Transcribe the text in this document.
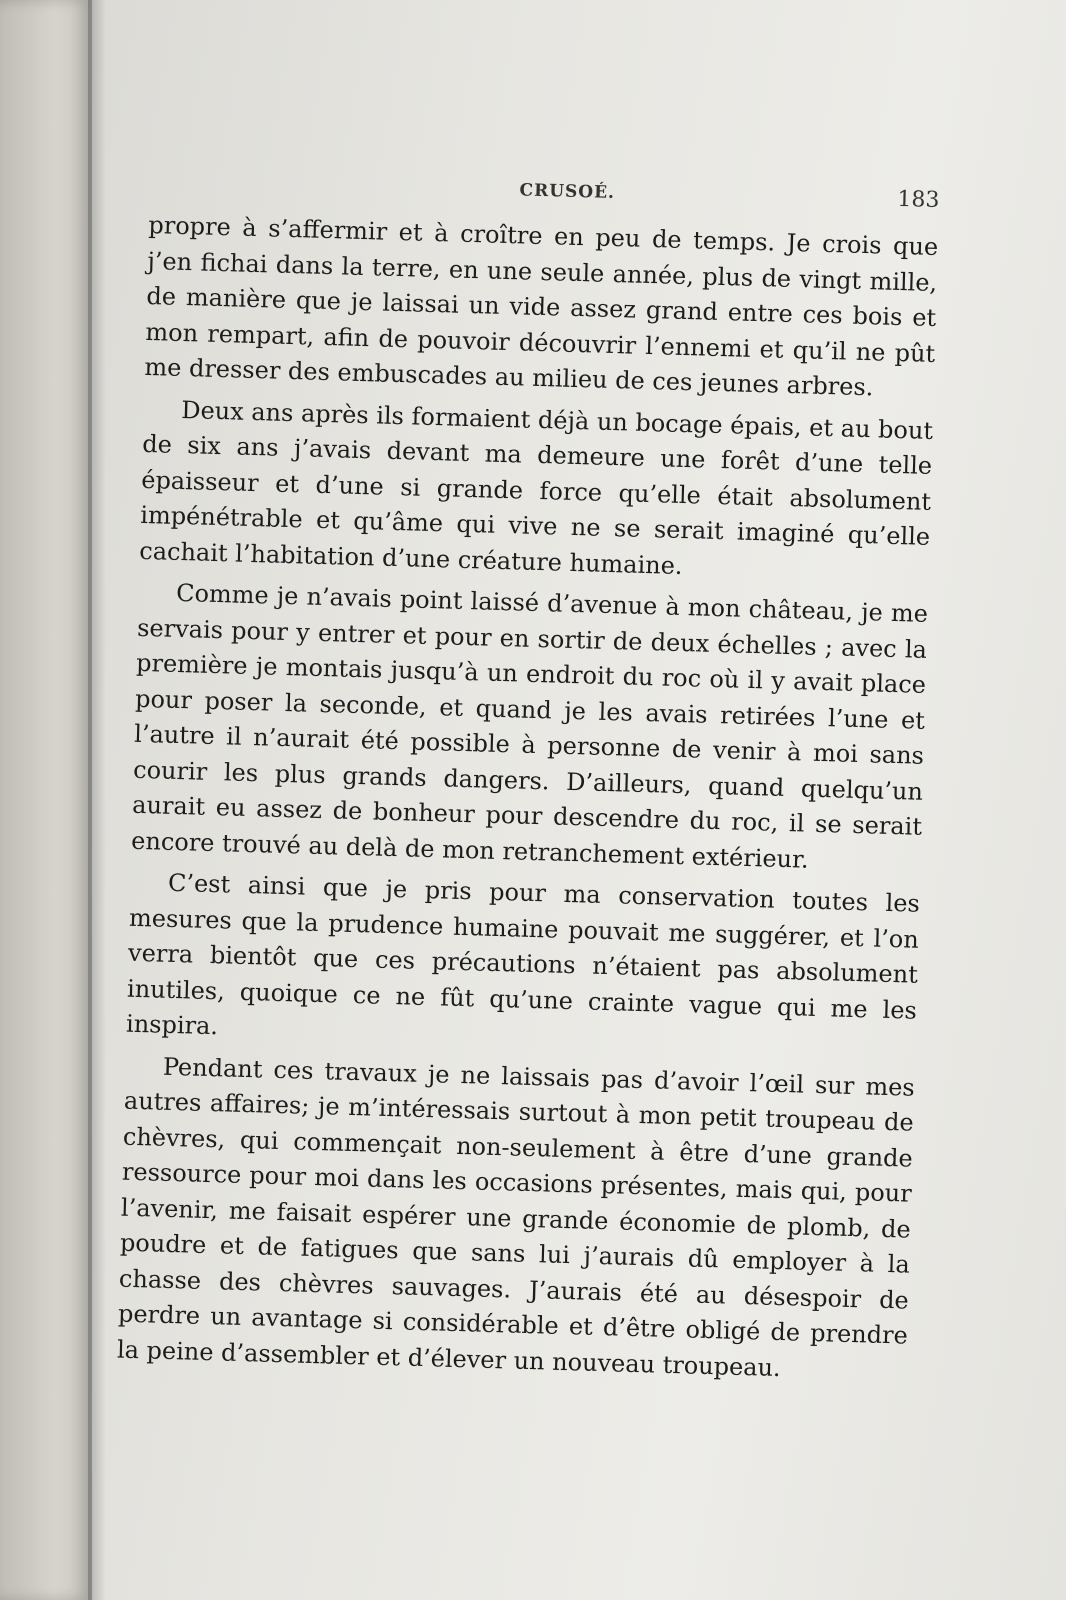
CRUSOÉ.	183

propre à s’affermir et à croître en peu de temps. Je crois que j’en fichai dans la terre, en une seule année, plus de vingt mille, de manière que je laissai un vide assez grand entre ces bois et mon rempart, afin de pouvoir découvrir l’ennemi et qu’il ne pût me dresser des embuscades au milieu de ces jeunes arbres.

Deux ans après ils formaient déjà un bocage épais, et au bout de six ans j’avais devant ma demeure une forêt d’une telle épaisseur et d’une si grande force qu’elle était absolument impénétrable et qu’âme qui vive ne se serait imaginé qu’elle cachait l’habitation d’une créature humaine.

Comme je n’avais point laissé d’avenue à mon château, je me servais pour y entrer et pour en sortir de deux échelles ; avec la première je montais jusqu’à un endroit du roc où il y avait place pour poser la seconde, et quand je les avais retirées l’une et l’autre il n’aurait été possible à personne de venir à moi sans courir les plus grands dangers. D’ailleurs, quand quelqu’un aurait eu assez de bonheur pour descendre du roc, il se serait encore trouvé au delà de mon retranchement extérieur.

C’est ainsi que je pris pour ma conservation toutes les mesures que la prudence humaine pouvait me suggérer, et l’on verra bientôt que ces précautions n’étaient pas absolument inutiles, quoique ce ne fût qu’une crainte vague qui me les inspira.

Pendant ces travaux je ne laissais pas d’avoir l’œil sur mes autres affaires; je m’intéressais surtout à mon petit troupeau de chèvres, qui commençait non-seulement à être d’une grande ressource pour moi dans les occasions présentes, mais qui, pour l’avenir, me faisait espérer une grande économie de plomb, de poudre et de fatigues que sans lui j’aurais dû employer à la chasse des chèvres sauvages. J’aurais été au désespoir de perdre un avantage si considérable et d’être obligé de prendre la peine d’assembler et d’élever un nouveau troupeau.
